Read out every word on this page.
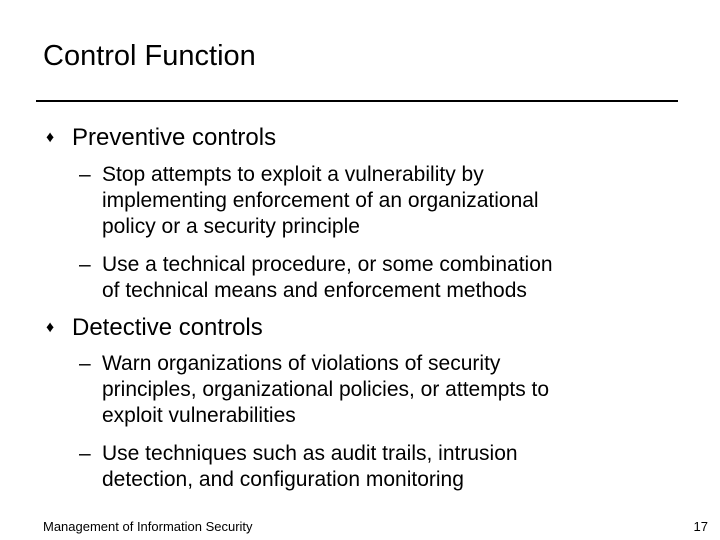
Control Function
♦ Preventive controls
– Stop attempts to exploit a vulnerability by
implementing enforcement of an organizational
policy or a security principle
– Use a technical procedure, or some combination
of technical means and enforcement methods
♦ Detective controls
– Warn organizations of violations of security
principles, organizational policies, or attempts to
exploit vulnerabilities
– Use techniques such as audit trails, intrusion
detection, and configuration monitoring
Management of Information Security	17
